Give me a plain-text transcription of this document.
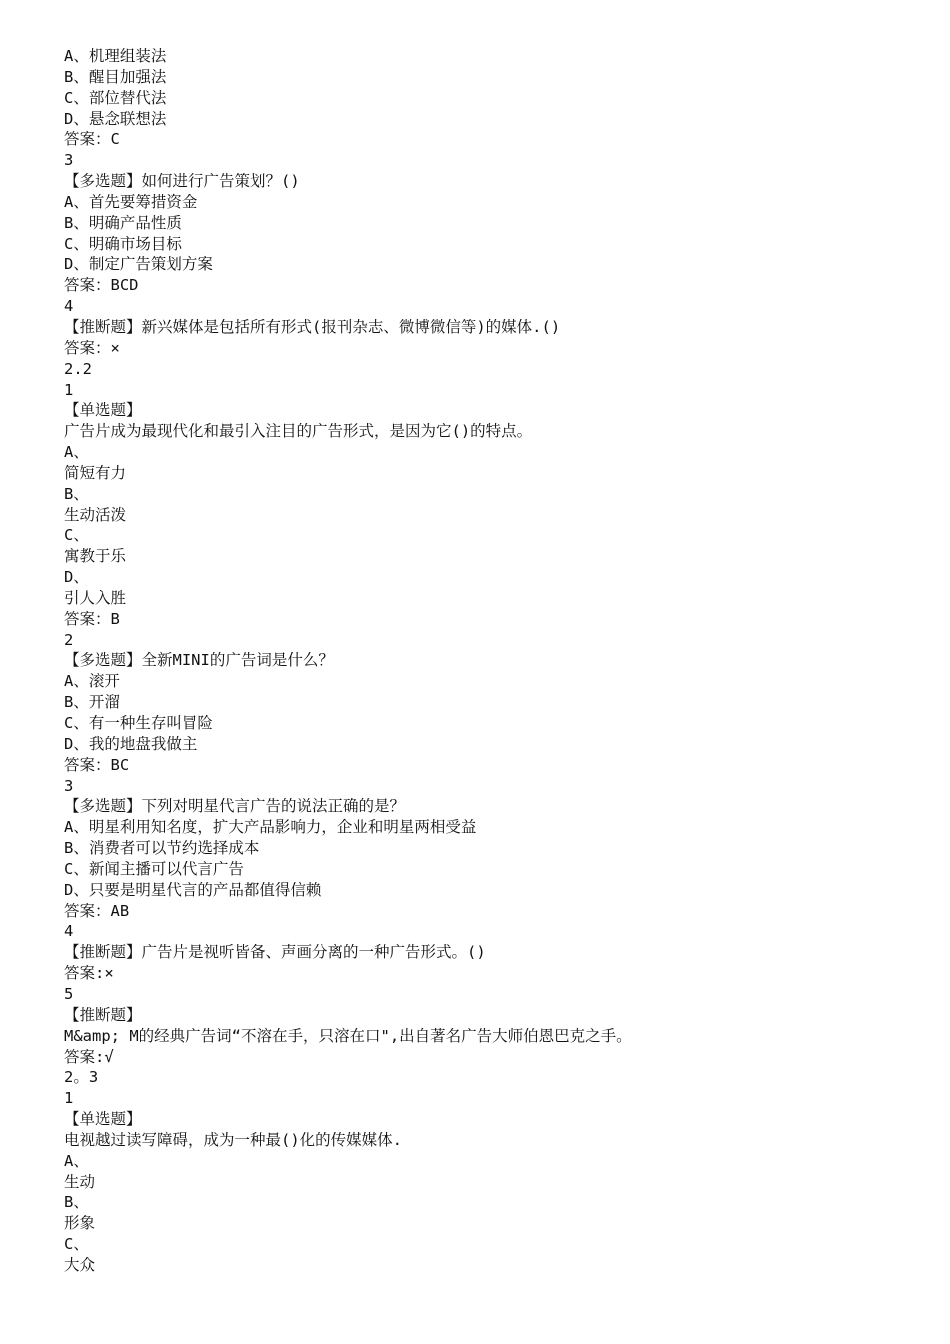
A、机理组装法
B、醒目加强法
C、部位替代法
D、悬念联想法
答案：C
3
【多选题】如何进行广告策划？()
A、首先要筹措资金
B、明确产品性质
C、明确市场目标
D、制定广告策划方案
答案：BCD
4
【推断题】新兴媒体是包括所有形式(报刊杂志、微博微信等)的媒体.()
答案：×
2.2
1
【单选题】
广告片成为最现代化和最引入注目的广告形式，是因为它()的特点。
A、
简短有力
B、
生动活泼
C、
寓教于乐
D、
引人入胜
答案：B
2
【多选题】全新MINI的广告词是什么？
A、滚开
B、开溜
C、有一种生存叫冒险
D、我的地盘我做主
答案：BC
3
【多选题】下列对明星代言广告的说法正确的是？
A、明星利用知名度，扩大产品影响力，企业和明星两相受益
B、消费者可以节约选择成本
C、新闻主播可以代言广告
D、只要是明星代言的产品都值得信赖
答案：AB
4
【推断题】广告片是视听皆备、声画分离的一种广告形式。()
答案:×
5
【推断题】
M&amp; M的经典广告词“不溶在手，只溶在口",出自著名广告大师伯恩巴克之手。
答案:√
2。3
1
【单选题】
电视越过读写障碍，成为一种最()化的传媒媒体.
A、
生动
B、
形象
C、
大众
